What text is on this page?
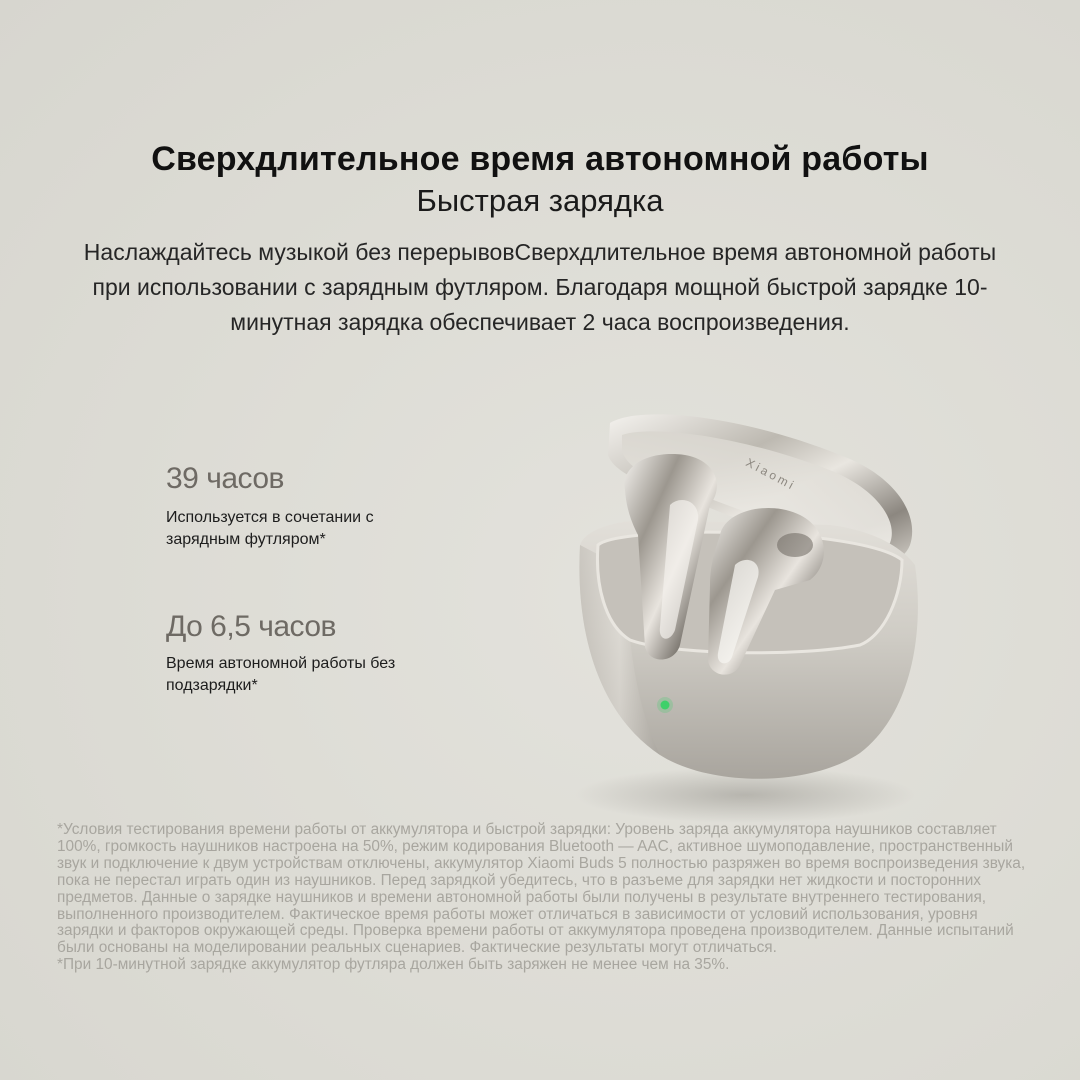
Сверхдлительное время автономной работы
Быстрая зарядка
Наслаждайтесь музыкой без перерывовСверхдлительное время автономной работы при использовании с зарядным футляром. Благодаря мощной быстрой зарядке 10-минутная зарядка обеспечивает 2 часа воспроизведения.
39 часов
Используется в сочетании с зарядным футляром*
До 6,5 часов
Время автономной работы без подзарядки*
Xiaomi

*Условия тестирования времени работы от аккумулятора и быстрой зарядки: Уровень заряда аккумулятора наушников составляет 100%, громкость наушников настроена на 50%, режим кодирования Bluetooth — AAC, активное шумоподавление, пространственный звук и подключение к двум устройствам отключены, аккумулятор Xiaomi Buds 5 полностью разряжен во время воспроизведения звука, пока не перестал играть один из наушников. Перед зарядкой убедитесь, что в разъеме для зарядки нет жидкости и посторонних предметов. Данные о зарядке наушников и времени автономной работы были получены в результате внутреннего тестирования, выполненного производителем. Фактическое время работы может отличаться в зависимости от условий использования, уровня зарядки и факторов окружающей среды. Проверка времени работы от аккумулятора проведена производителем. Данные испытаний были основаны на моделировании реальных сценариев. Фактические результаты могут отличаться.

*При 10-минутной зарядке аккумулятор футляра должен быть заряжен не менее чем на 35%.
